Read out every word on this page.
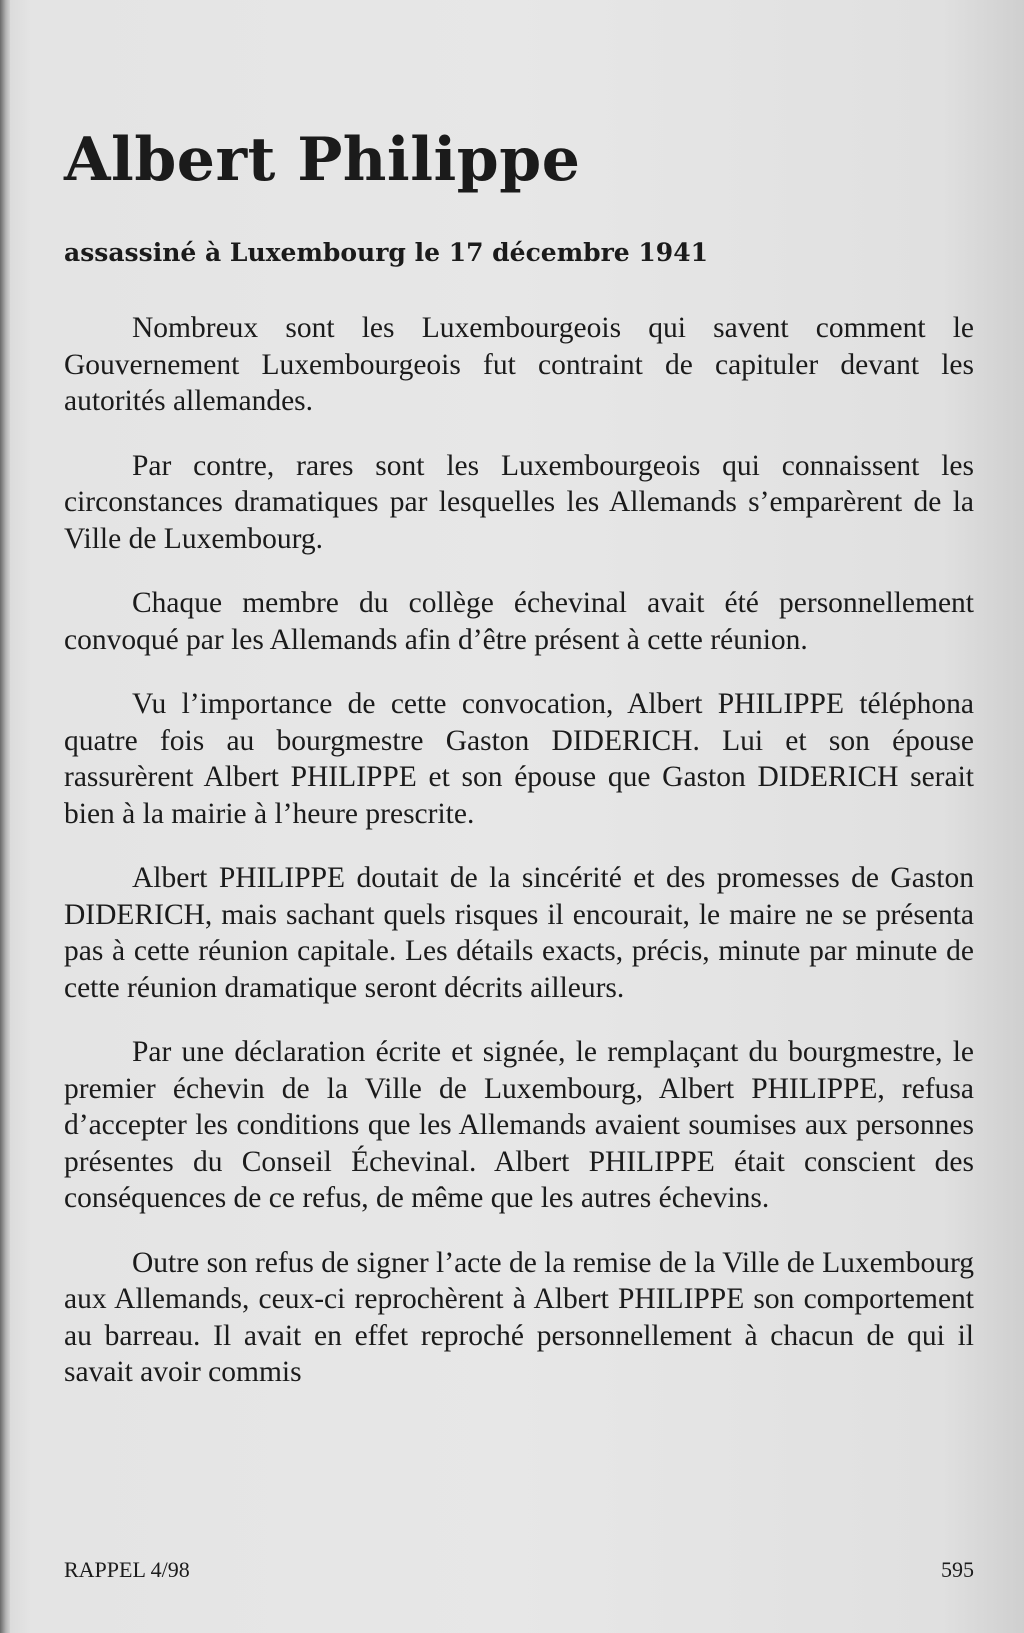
Albert Philippe
assassiné à Luxembourg le 17 décembre 1941

Nombreux sont les Luxembourgeois qui savent comment le Gouvernement Luxembourgeois fut contraint de capituler devant les autorités allemandes.

Par contre, rares sont les Luxembourgeois qui connaissent les circonstances dramatiques par lesquelles les Allemands s’emparèrent de la Ville de Luxembourg.

Chaque membre du collège échevinal avait été personnellement convoqué par les Allemands afin d’être présent à cette réunion.

Vu l’importance de cette convocation, Albert PHILIPPE téléphona quatre fois au bourgmestre Gaston DIDERICH. Lui et son épouse rassurèrent Albert PHILIPPE et son épouse que Gaston DIDERICH serait bien à la mairie à l’heure prescrite.

Albert PHILIPPE doutait de la sincérité et des promesses de Gaston DIDERICH, mais sachant quels risques il encourait, le maire ne se présenta pas à cette réunion capitale. Les détails exacts, précis, minute par minute de cette réunion dramatique seront décrits ailleurs.

Par une déclaration écrite et signée, le remplaçant du bourgmestre, le premier échevin de la Ville de Luxembourg, Albert PHILIPPE, refusa d’accepter les conditions que les Allemands avaient soumises aux personnes présentes du Conseil Échevinal. Albert PHILIPPE était conscient des conséquences de ce refus, de même que les autres échevins.

Outre son refus de signer l’acte de la remise de la Ville de Luxembourg aux Allemands, ceux-ci reprochèrent à Albert PHILIPPE son comportement au barreau. Il avait en effet reproché personnellement à chacun de qui il savait avoir commis

RAPPEL 4/98	595
